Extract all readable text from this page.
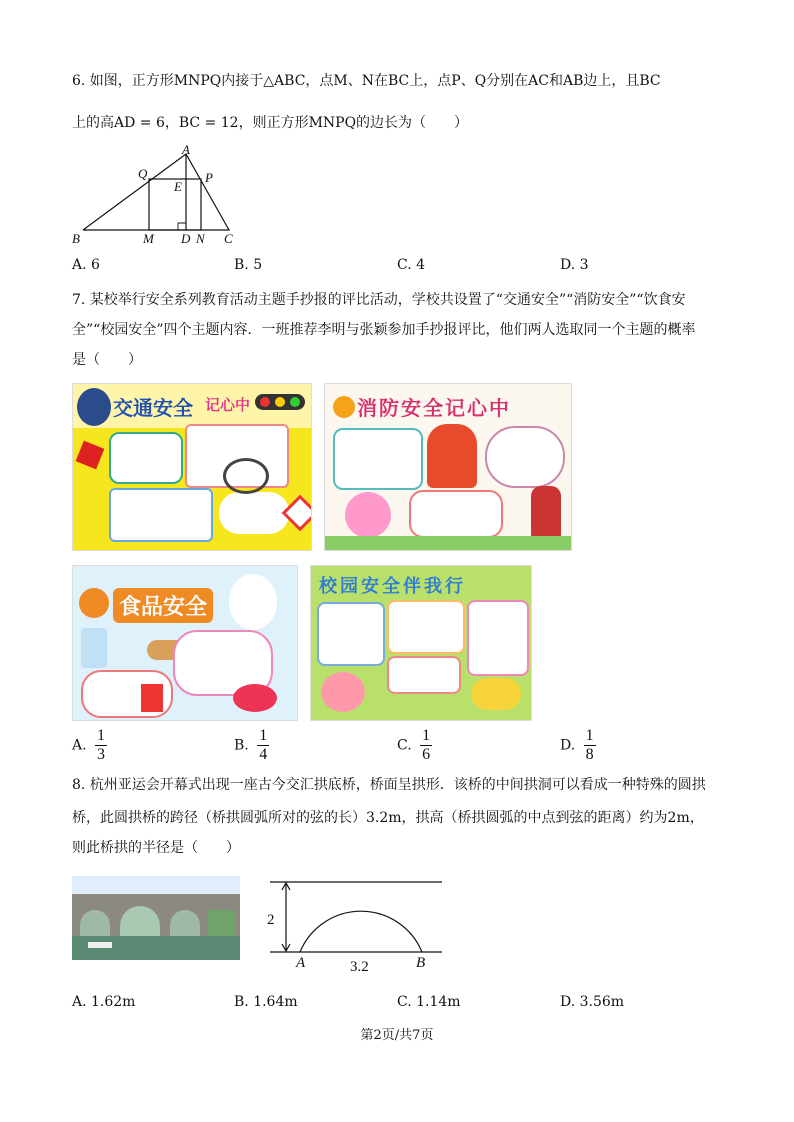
6. 如图，正方形MNPQ内接于△ABC，点M、N在BC上，点P、Q分别在AC和AB边上，且BC
上的高AD = 6，BC = 12，则正方形MNPQ的边长为（　　）
A
B	C
D
E
M	N
P
Q
A. 6	B. 5	C. 4	D. 3
7. 某校举行安全系列教育活动主题手抄报的评比活动，学校共设置了“交通安全”“消防安全”“饮食安
全”“校园安全”四个主题内容．一班推荐李明与张颖参加手抄报评比，他们两人选取同一个主题的概率
是（　　）
交通安全 记心中	消防安全记心中
食品安全
校园安全伴我行
A. $\frac{1}{3}$	B. $\frac{1}{4}$	C. $\frac{1}{6}$	D. $\frac{1}{8}$
8. 杭州亚运会开幕式出现一座古今交汇拱底桥，桥面呈拱形．该桥的中间拱洞可以看成一种特殊的圆拱
桥，此圆拱桥的跨径（桥拱圆弧所对的弦的长）3.2m，拱高（桥拱圆弧的中点到弦的距离）约为2m，
则此桥拱的半径是（　　）
2
3.2
A	B
A. 1.62m	B. 1.64m	C. 1.14m	D. 3.56m
第2页/共7页
